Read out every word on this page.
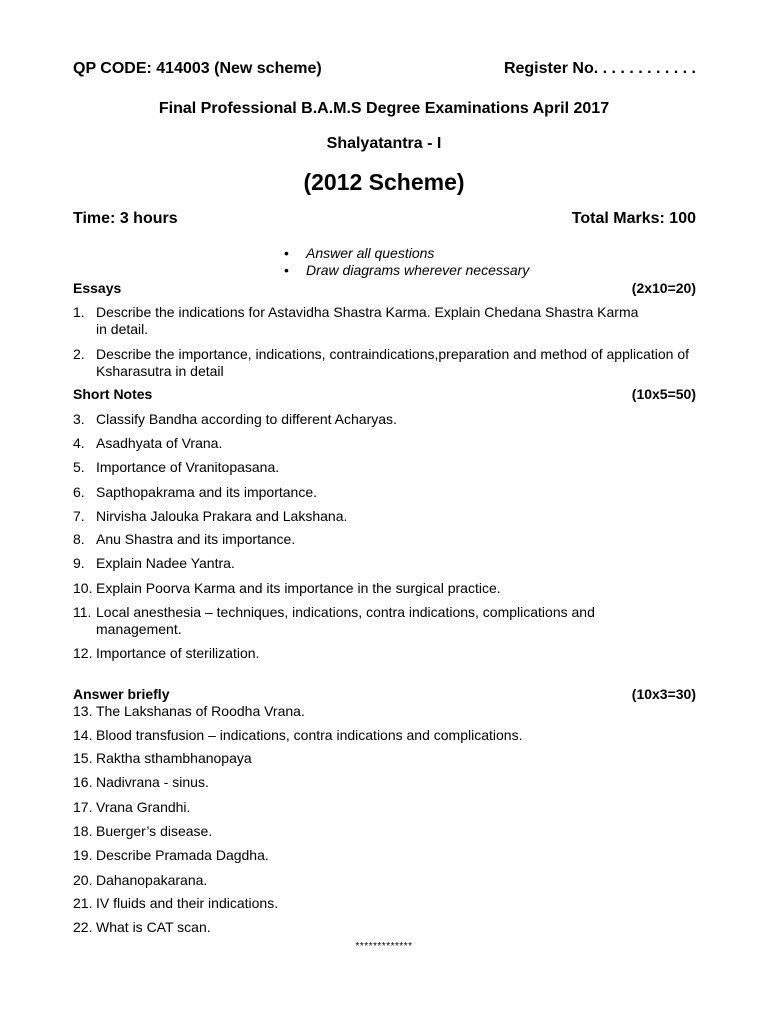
QP CODE: 414003 (New scheme)	Register No. . . . . . . . . . . .
Final Professional B.A.M.S Degree Examinations April 2017
Shalyatantra - I
(2012 Scheme)
Time: 3 hours	Total Marks: 100
• Answer all questions
• Draw diagrams wherever necessary
Essays	(2x10=20)
1. Describe the indications for Astavidha Shastra Karma. Explain Chedana Shastra Karma in detail.
2. Describe the importance, indications, contraindications,preparation and method of application of Ksharasutra in detail
Short Notes	(10x5=50)
3. Classify Bandha according to different Acharyas.
4. Asadhyata of Vrana.
5. Importance of Vranitopasana.
6. Sapthopakrama and its importance.
7. Nirvisha Jalouka Prakara and Lakshana.
8. Anu Shastra and its importance.
9. Explain Nadee Yantra.
10. Explain Poorva Karma and its importance in the surgical practice.
11. Local anesthesia – techniques, indications, contra indications, complications and management.
12. Importance of sterilization.
Answer briefly	(10x3=30)
13. The Lakshanas of Roodha Vrana.
14. Blood transfusion – indications, contra indications and complications.
15. Raktha sthambhanopaya
16. Nadivrana - sinus.
17. Vrana Grandhi.
18. Buerger’s disease.
19. Describe Pramada Dagdha.
20. Dahanopakarana.
21. IV fluids and their indications.
22. What is CAT scan.
*************
